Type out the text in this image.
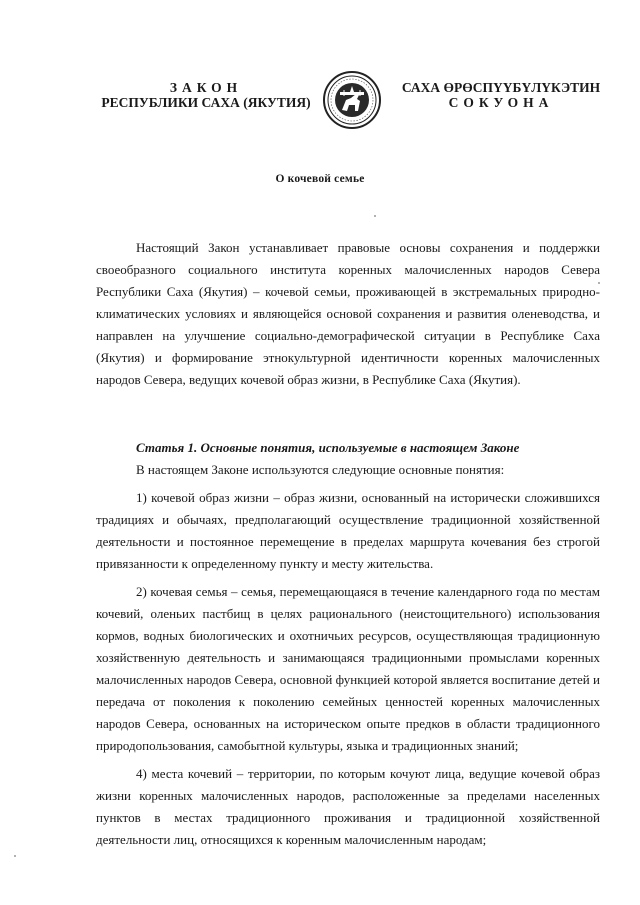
ЗАКОН
РЕСПУБЛИКИ САХА (ЯКУТИЯ)
САХА ӨРӨСПҮҮБҮЛҮКЭТИН
СОКУОНА
О кочевой семье
Настоящий Закон устанавливает правовые основы сохранения и поддержки своеобразного социального института коренных малочисленных народов Севера Республики Саха (Якутия) – кочевой семьи, проживающей в экстремальных природно-климатических условиях и являющейся основой сохранения и развития оленеводства, и направлен на улучшение социально-демографической ситуации в Республике Саха (Якутия) и формирование этнокультурной идентичности коренных малочисленных народов Севера, ведущих кочевой образ жизни, в Республике Саха (Якутия).
Статья 1. Основные понятия, используемые в настоящем Законе

В настоящем Законе используются следующие основные понятия:

1) кочевой образ жизни – образ жизни, основанный на исторически сложившихся традициях и обычаях, предполагающий осуществление традиционной хозяйственной деятельности и постоянное перемещение в пределах маршрута кочевания без строгой привязанности к определенному пункту и месту жительства.

2) кочевая семья – семья, перемещающаяся в течение календарного года по местам кочевий, оленьих пастбищ в целях рационального (неистощительного) использования кормов, водных биологических и охотничьих ресурсов, осуществляющая традиционную хозяйственную деятельность и занимающаяся традиционными промыслами коренных малочисленных народов Севера, основной функцией которой является воспитание детей и передача от поколения к поколению семейных ценностей коренных малочисленных народов Севера, основанных на историческом опыте предков в области традиционного природопользования, самобытной культуры, языка и традиционных знаний;

4) места кочевий – территории, по которым кочуют лица, ведущие кочевой образ жизни коренных малочисленных народов, расположенные за пределами населенных пунктов в местах традиционного проживания и традиционной хозяйственной деятельности лиц, относящихся к коренным малочисленным народам;
